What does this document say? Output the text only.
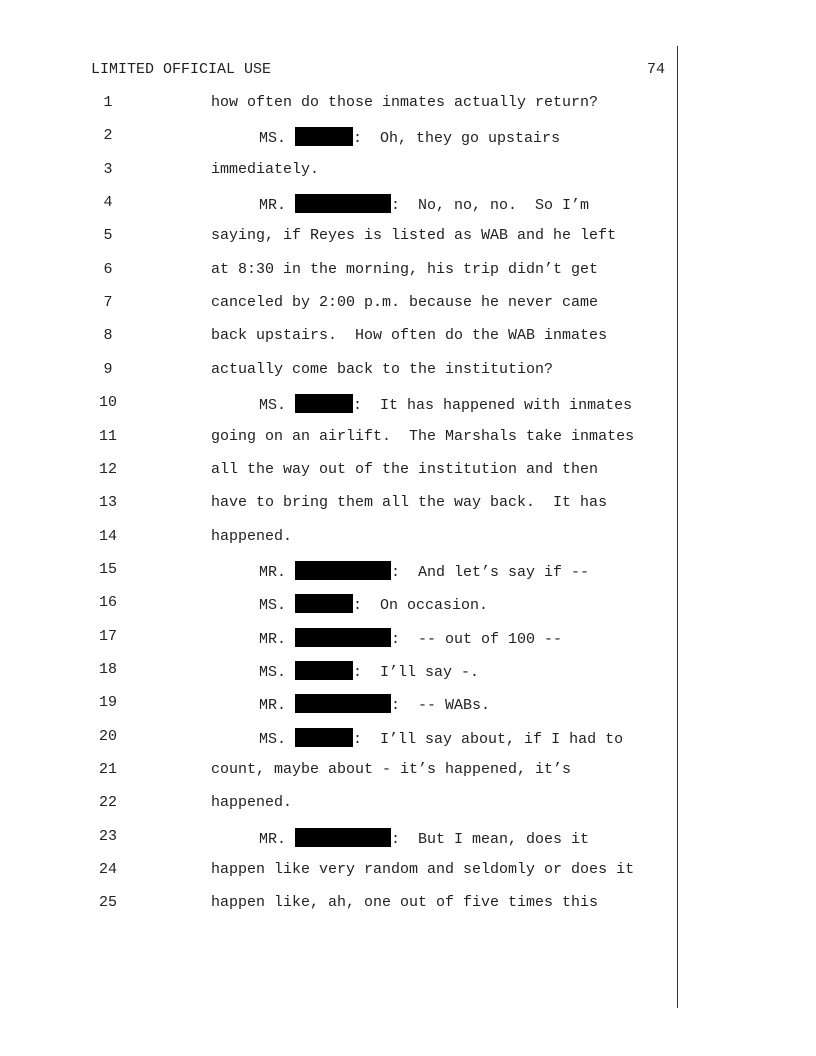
LIMITED OFFICIAL USE	74
1	how often do those inmates actually return?
2	MS.	:  Oh, they go upstairs
3	immediately.
4	MR.	:  No, no, no.  So I’m
5	saying, if Reyes is listed as WAB and he left
6	at 8:30 in the morning, his trip didn’t get
7	canceled by 2:00 p.m. because he never came
8	back upstairs.  How often do the WAB inmates
9	actually come back to the institution?
10	MS.	:  It has happened with inmates
11	going on an airlift.  The Marshals take inmates
12	all the way out of the institution and then
13	have to bring them all the way back.  It has
14	happened.
15	MR.	:  And let’s say if --
16	MS.	:  On occasion.
17	MR.	:  -- out of 100 --
18	MS.	:  I’ll say -.
19	MR.	:  -- WABs.
20	MS.	:  I’ll say about, if I had to
21	count, maybe about - it’s happened, it’s
22	happened.
23	MR.	:  But I mean, does it
24	happen like very random and seldomly or does it
25	happen like, ah, one out of five times this
